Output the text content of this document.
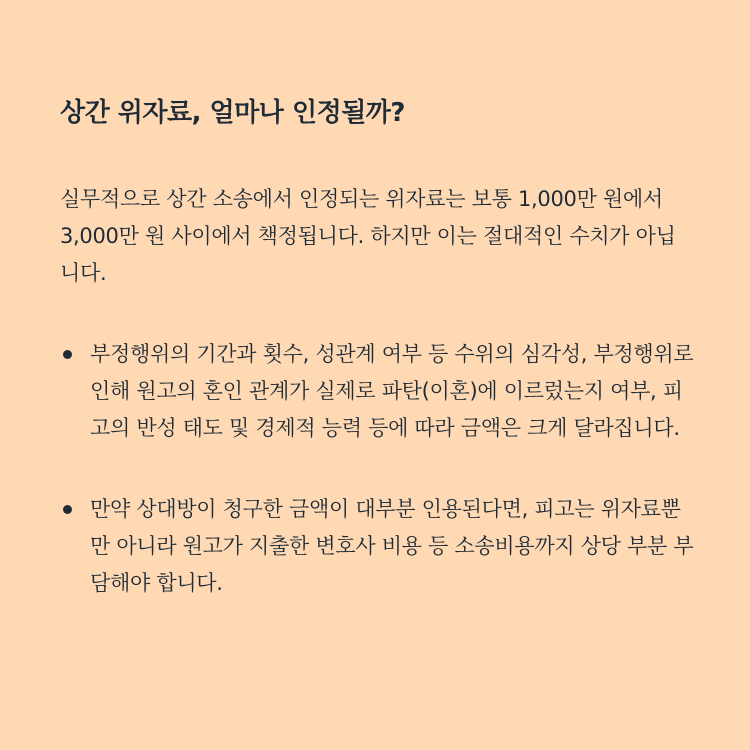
상간 위자료, 얼마나 인정될까?

실무적으로 상간 소송에서 인정되는 위자료는 보통 1,000만 원에서 3,000만 원 사이에서 책정됩니다. 하지만 이는 절대적인 수치가 아닙니다.

부정행위의 기간과 횟수, 성관계 여부 등 수위의 심각성, 부정행위로 인해 원고의 혼인 관계가 실제로 파탄(이혼)에 이르렀는지 여부, 피고의 반성 태도 및 경제적 능력 등에 따라 금액은 크게 달라집니다.
만약 상대방이 청구한 금액이 대부분 인용된다면, 피고는 위자료뿐만 아니라 원고가 지출한 변호사 비용 등 소송비용까지 상당 부분 부담해야 합니다.
